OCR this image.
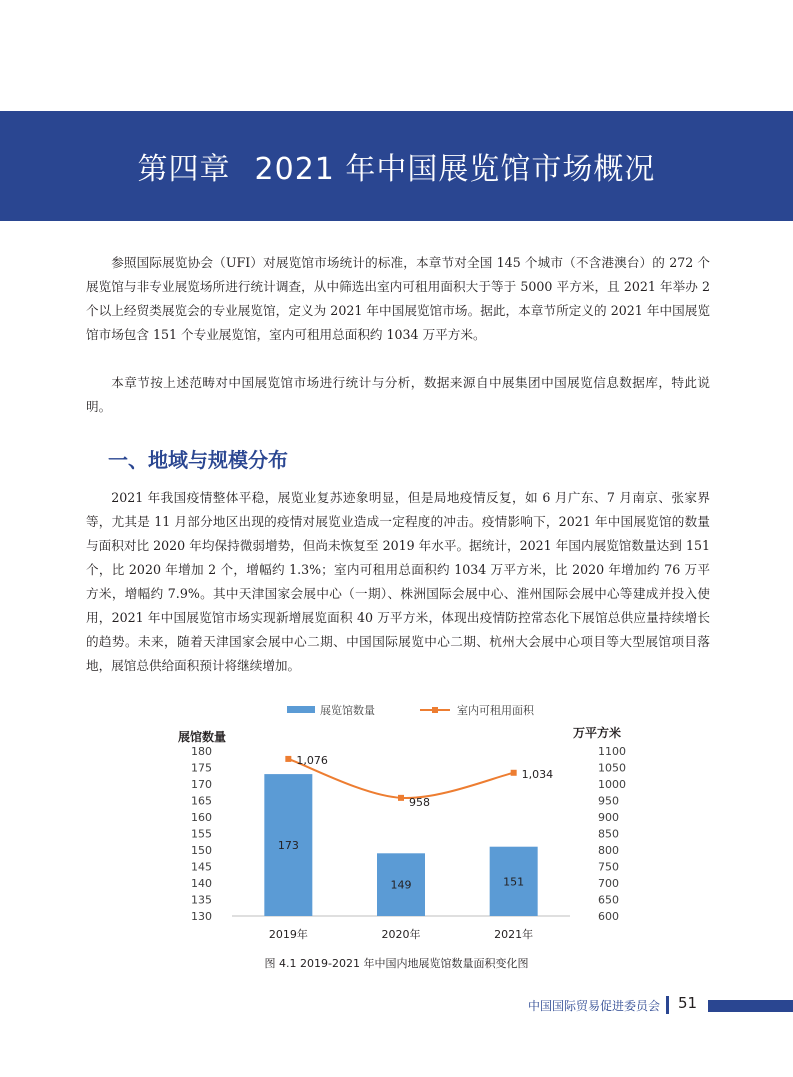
第四章 2021 年中国展览馆市场概况

参照国际展览协会（UFI）对展览馆市场统计的标准，本章节对全国 145 个城市（不含港澳台）的 272 个展览馆与非专业展览场所进行统计调查，从中筛选出室内可租用面积大于等于 5000 平方米，且 2021 年举办 2 个以上经贸类展览会的专业展览馆，定义为 2021 年中国展览馆市场。据此，本章节所定义的 2021 年中国展览馆市场包含 151 个专业展览馆，室内可租用总面积约 1034 万平方米。

本章节按上述范畴对中国展览馆市场进行统计与分析，数据来源自中展集团中国展览信息数据库，特此说明。

一、地域与规模分布

2021 年我国疫情整体平稳，展览业复苏迹象明显，但是局地疫情反复，如 6 月广东、7 月南京、张家界等，尤其是 11 月部分地区出现的疫情对展览业造成一定程度的冲击。疫情影响下，2021 年中国展览馆的数量与面积对比 2020 年均保持微弱增势，但尚未恢复至 2019 年水平。据统计，2021 年国内展览馆数量达到 151 个，比 2020 年增加 2 个，增幅约 1.3%；室内可租用总面积约 1034 万平方米，比 2020 年增加约 76 万平方米，增幅约 7.9%。其中天津国家会展中心（一期）、株洲国际会展中心、淮州国际会展中心等建成并投入使用，2021 年中国展览馆市场实现新增展览面积 40 万平方米，体现出疫情防控常态化下展馆总供应量持续增长的趋势。未来，随着天津国家会展中心二期、中国国际展览中心二期、杭州大会展中心项目等大型展馆项目落地，展馆总供给面积预计将继续增加。

展览馆数量	室内可租用面积
展馆数量	万平方米
130
135
140
145
150
155
160
165
170
175
180
600
650
700
750
800
850
900
950
1000
1050
1100
173
149	151
1,076
958
1,034
2019年	2020年	2021年
图 4.1 2019-2021 年中国内地展览馆数量面积变化图
中国国际贸易促进委员会 51
